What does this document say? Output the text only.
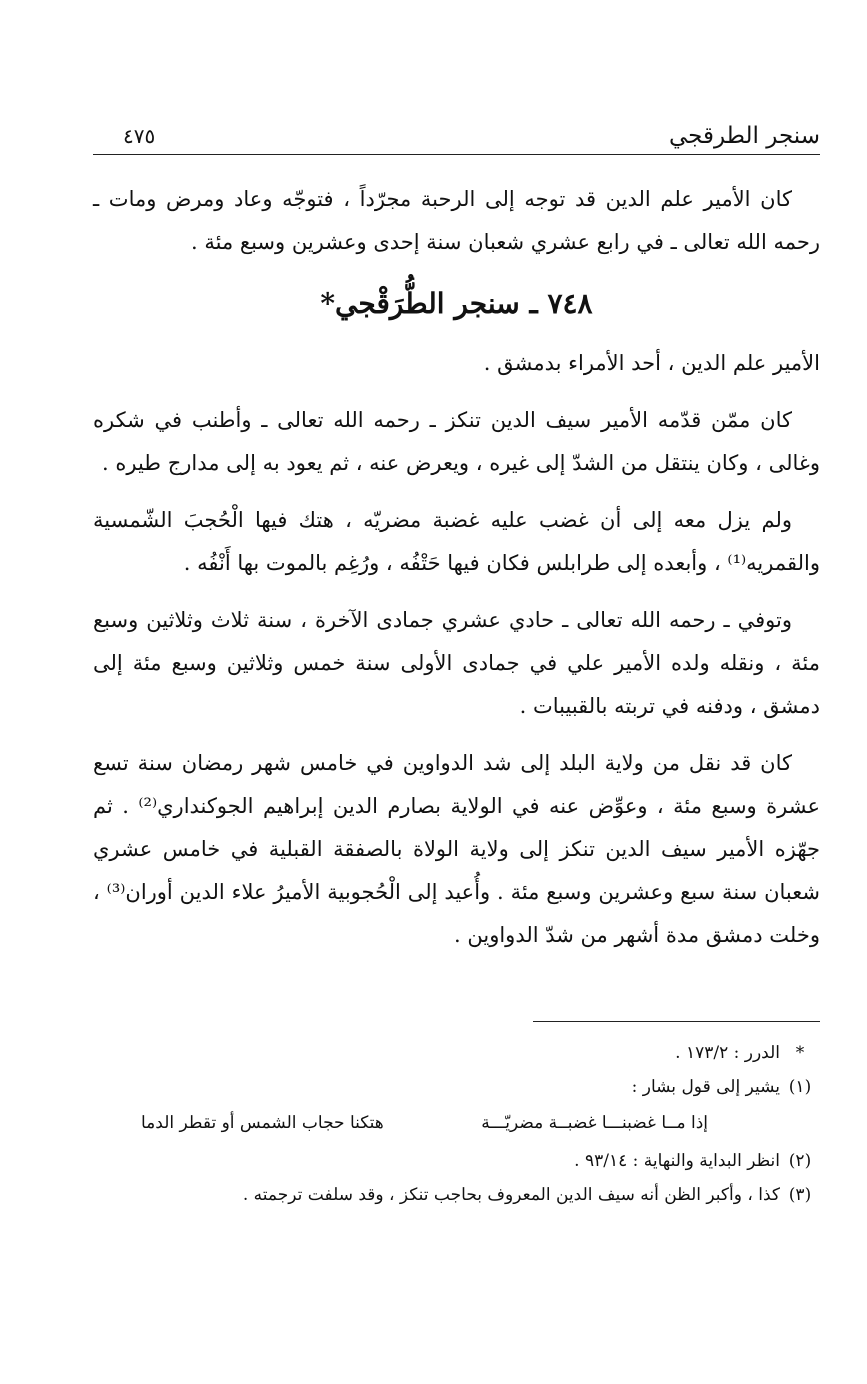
سنجر الطرقجي
٤٧٥

كان الأمير علم الدين قد توجه إلى الرحبة مجرّداً ، فتوجّه وعاد ومرض ومات ـ رحمه الله تعالى ـ في رابع عشري شعبان سنة إحدى وعشرين وسبع مئة .

٧٤٨ ـ سنجر الطُّرَقْجي*

الأمير علم الدين ، أحد الأمراء بدمشق .

كان ممّن قدّمه الأمير سيف الدين تنكز ـ رحمه الله تعالى ـ وأطنب في شكره وغالى ، وكان ينتقل من الشدّ إلى غيره ، ويعرض عنه ، ثم يعود به إلى مدارج طيره .

ولم يزل معه إلى أن غضب عليه غضبة مضريّه ، هتك فيها الْحُجبَ الشّمسية والقمريه⁽¹⁾ ، وأبعده إلى طرابلس فكان فيها حَتْفُه ، ورُغِم بالموت بها أَنْفُه .

وتوفي ـ رحمه الله تعالى ـ حادي عشري جمادى الآخرة ، سنة ثلاث وثلاثين وسبع مئة ، ونقله ولده الأمير علي في جمادى الأولى سنة خمس وثلاثين وسبع مئة إلى دمشق ، ودفنه في تربته بالقبيبات .

كان قد نقل من ولاية البلد إلى شد الدواوين في خامس شهر رمضان سنة تسع عشرة وسبع مئة ، وعوِّض عنه في الولاية بصارم الدين إبراهيم الجوكنداري⁽²⁾ . ثم جهّزه الأمير سيف الدين تنكز إلى ولاية الولاة بالصفقة القبلية في خامس عشري شعبان سنة سبع وعشرين وسبع مئة . وأُعيد إلى الْحُجوبية الأميرُ علاء الدين أوران⁽³⁾ ، وخلت دمشق مدة أشهر من شدّ الدواوين .

*
الدرر : ١٧٣/٢ .
(١)
يشير إلى قول بشار :
إذا مــا غضبنـــا غضبــة مضريّـــة
هتكنا حجاب الشمس أو تقطر الدما
(٢)
انظر البداية والنهاية : ٩٣/١٤ .
(٣)
كذا ، وأكبر الظن أنه سيف الدين المعروف بحاجب تنكز ، وقد سلفت ترجمته .
